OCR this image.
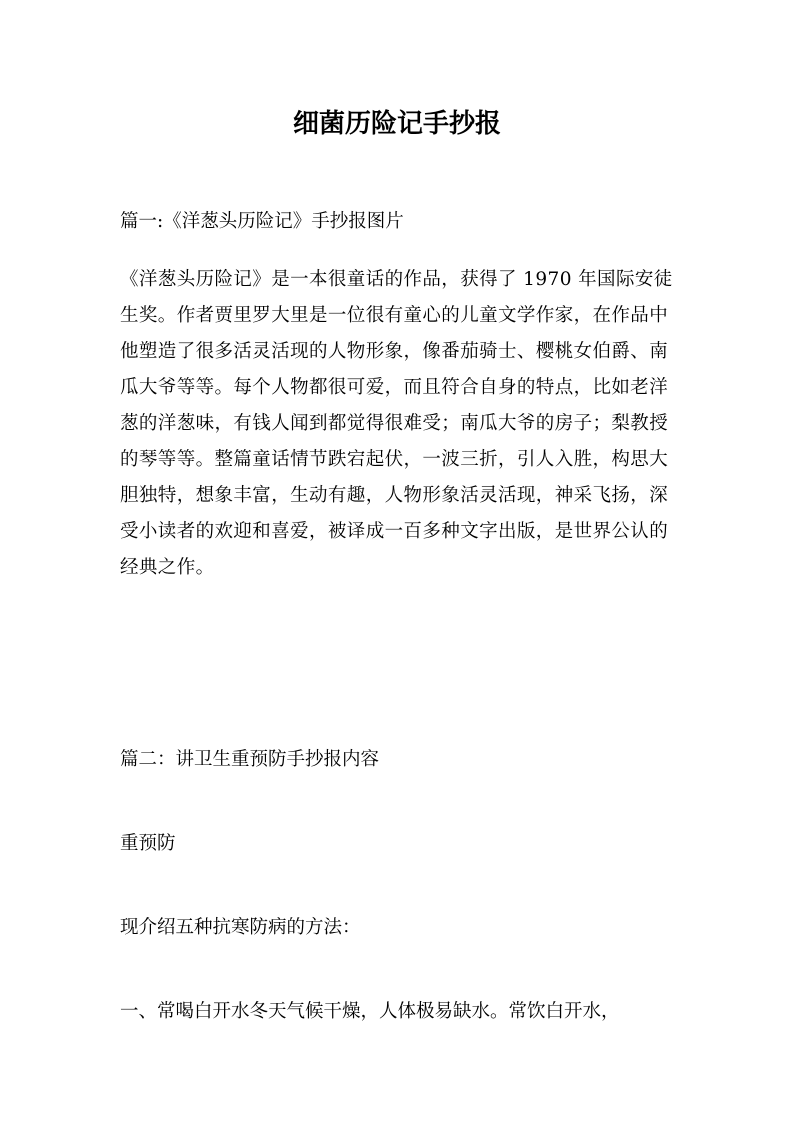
细菌历险记手抄报

篇一:《洋葱头历险记》手抄报图片

《洋葱头历险记》是一本很童话的作品，获得了 1970 年国际安徒生奖。作者贾里罗大里是一位很有童心的儿童文学作家，在作品中他塑造了很多活灵活现的人物形象，像番茄骑士、樱桃女伯爵、南瓜大爷等等。每个人物都很可爱，而且符合自身的特点，比如老洋葱的洋葱味，有钱人闻到都觉得很难受；南瓜大爷的房子；梨教授的琴等等。整篇童话情节跌宕起伏，一波三折，引人入胜，构思大胆独特，想象丰富，生动有趣，人物形象活灵活现，神采飞扬，深受小读者的欢迎和喜爱，被译成一百多种文字出版，是世界公认的经典之作。

篇二：讲卫生重预防手抄报内容

重预防

现介绍五种抗寒防病的方法：

一、常喝白开水冬天气候干燥，人体极易缺水。常饮白开水，
